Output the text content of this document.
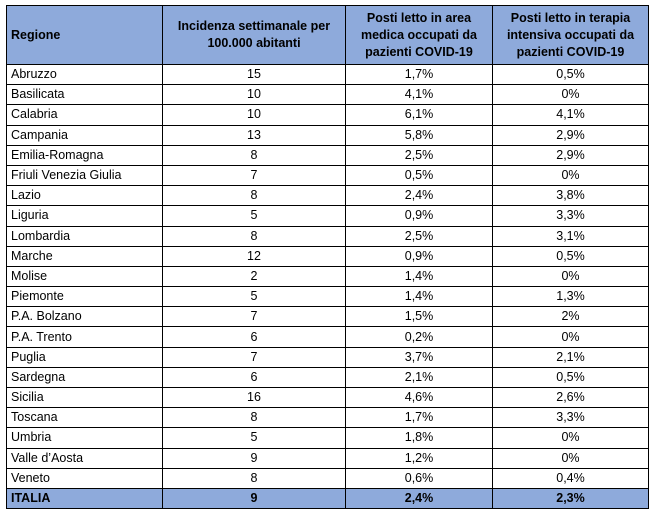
Regione	Incidenza settimanale per 100.000 abitanti	Posti letto in area medica occupati da pazienti COVID-19	Posti letto in terapia intensiva occupati da pazienti COVID-19
Abruzzo	15	1,7%	0,5%
Basilicata	10	4,1%	0%
Calabria	10	6,1%	4,1%
Campania	13	5,8%	2,9%
Emilia-Romagna	8	2,5%	2,9%
Friuli Venezia Giulia	7	0,5%	0%
Lazio	8	2,4%	3,8%
Liguria	5	0,9%	3,3%
Lombardia	8	2,5%	3,1%
Marche	12	0,9%	0,5%
Molise	2	1,4%	0%
Piemonte	5	1,4%	1,3%
P.A. Bolzano	7	1,5%	2%
P.A. Trento	6	0,2%	0%
Puglia	7	3,7%	2,1%
Sardegna	6	2,1%	0,5%
Sicilia	16	4,6%	2,6%
Toscana	8	1,7%	3,3%
Umbria	5	1,8%	0%
Valle d’Aosta	9	1,2%	0%
Veneto	8	0,6%	0,4%
ITALIA	9	2,4%	2,3%
